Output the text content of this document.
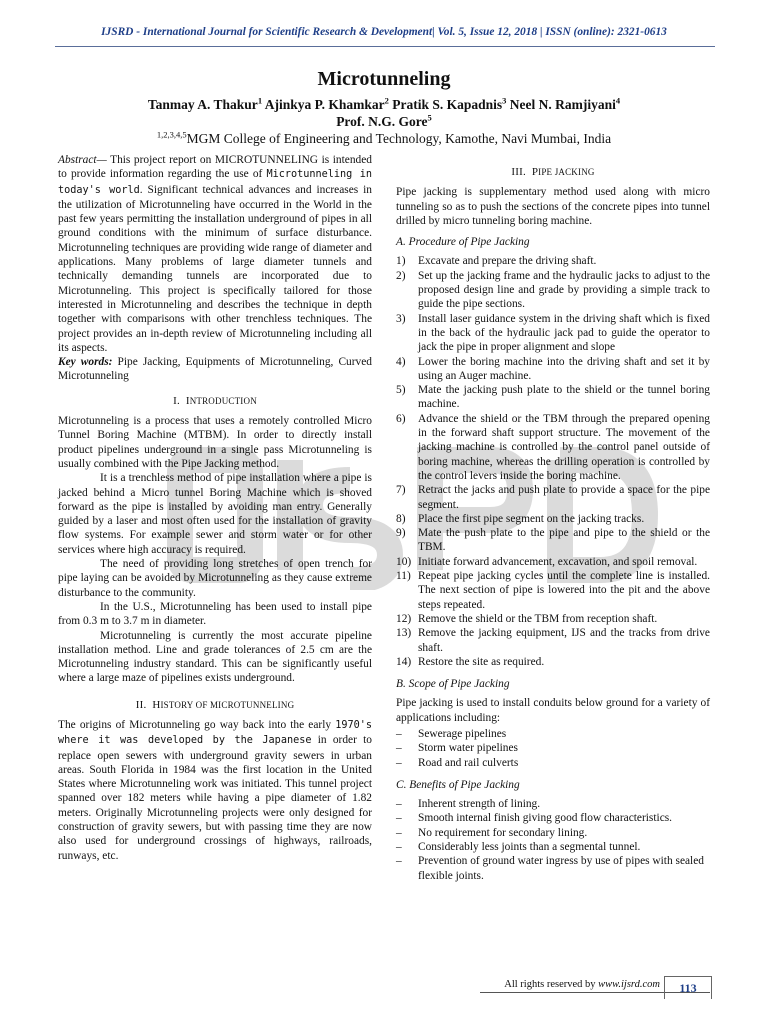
IJSRD - International Journal for Scientific Research & Development| Vol. 5, Issue 12, 2018 | ISSN (online): 2321-0613
Microtunneling
Tanmay A. Thakur$^1$ Ajinkya P. Khamkar$^2$ Pratik S. Kapadnis$^3$ Neel N. Ramjiyani$^4$
Prof. N.G. Gore$^5$
$^{1,2,3,4,5}$MGM College of Engineering and Technology, Kamothe, Navi Mumbai, India

Abstract— This project report on MICROTUNNELING is intended to provide information regarding the use of Microtunneling in today's world. Significant technical advances and increases in the utilization of Microtunneling have occurred in the World in the past few years permitting the installation underground of pipes in all ground conditions with the minimum of surface disturbance. Microtunneling techniques are providing wide range of diameter and applications. Many problems of large diameter tunnels and technically demanding tunnels are incorporated due to Microtunneling. This project is specifically tailored for those interested in Microtunneling and describes the technique in depth together with comparisons with other trenchless techniques. The project provides an in-depth review of Microtunneling including all its aspects.

Key words: Pipe Jacking, Equipments of Microtunneling, Curved Microtunneling

I. INTRODUCTION

Microtunneling is a process that uses a remotely controlled Micro Tunnel Boring Machine (MTBM). In order to directly install product pipelines underground in a single pass Microtunneling is usually combined with the Pipe Jacking method.

It is a trenchless method of pipe installation where a pipe is jacked behind a Micro tunnel Boring Machine which is shoved forward as the pipe is installed by avoiding man entry. Generally guided by a laser and most often used for the installation of gravity flow systems. For example sewer and storm water or for other services where high accuracy is required.

The need of providing long stretches of open trench for pipe laying can be avoided by Microtunneling as they cause extreme disturbance to the community.

In the U.S., Microtunneling has been used to install pipe from 0.3 m to 3.7 m in diameter.

Microtunneling is currently the most accurate pipeline installation method. Line and grade tolerances of 2.5 cm are the Microtunneling industry standard. This can be significantly useful where a large maze of pipelines exists underground.

II. HISTORY OF MICROTUNNELING

The origins of Microtunneling go way back into the early 1970's where it was developed by the Japanese in order to replace open sewers with underground gravity sewers in urban areas. South Florida in 1984 was the first location in the United States where Microtunneling work was initiated. This tunnel project spanned over 182 meters while having a pipe diameter of 1.82 meters. Originally Microtunneling projects were only designed for construction of gravity sewers, but with passing time they are now also used for underground crossings of highways, railroads, runways, etc.

III. PIPE JACKING

Pipe jacking is supplementary method used along with micro tunneling so as to push the sections of the concrete pipes into tunnel drilled by micro tunneling boring machine.

A. Procedure of Pipe Jacking
1)	Excavate and prepare the driving shaft.
2)	Set up the jacking frame and the hydraulic jacks to adjust to the proposed design line and grade by providing a simple track to guide the pipe sections.
3)	Install laser guidance system in the driving shaft which is fixed in the back of the hydraulic jack pad to guide the operator to jack the pipe in proper alignment and slope
4)	Lower the boring machine into the driving shaft and set it by using an Auger machine.
5)	Mate the jacking push plate to the shield or the tunnel boring machine.
6)	Advance the shield or the TBM through the prepared opening in the forward shaft support structure. The movement of the jacking machine is controlled by the control panel outside of boring machine, whereas the drilling operation is controlled by the control levers inside the boring machine.
7)	Retract the jacks and push plate to provide a space for the pipe segment.
8)	Place the first pipe segment on the jacking tracks.
9)	Mate the push plate to the pipe and pipe to the shield or the TBM.
10) Initiate forward advancement, excavation, and spoil removal.
11) Repeat pipe jacking cycles until the complete line is installed. The next section of pipe is lowered into the pit and the above steps repeated.
12) Remove the shield or the TBM from reception shaft.
13) Remove the jacking equipment, IJS and the tracks from drive shaft.
14) Restore the site as required.
B. Scope of Pipe Jacking

Pipe jacking is used to install conduits below ground for a variety of applications including:

– Sewerage pipelines
– Storm water pipelines
– Road and rail culverts
C. Benefits of Pipe Jacking
– Inherent strength of lining.
– Smooth internal finish giving good flow characteristics.
– No requirement for secondary lining.
– Considerably less joints than a segmental tunnel.
– Prevention of ground water ingress by use of pipes with sealed flexible joints.
All rights reserved by www.ijsrd.com	113
